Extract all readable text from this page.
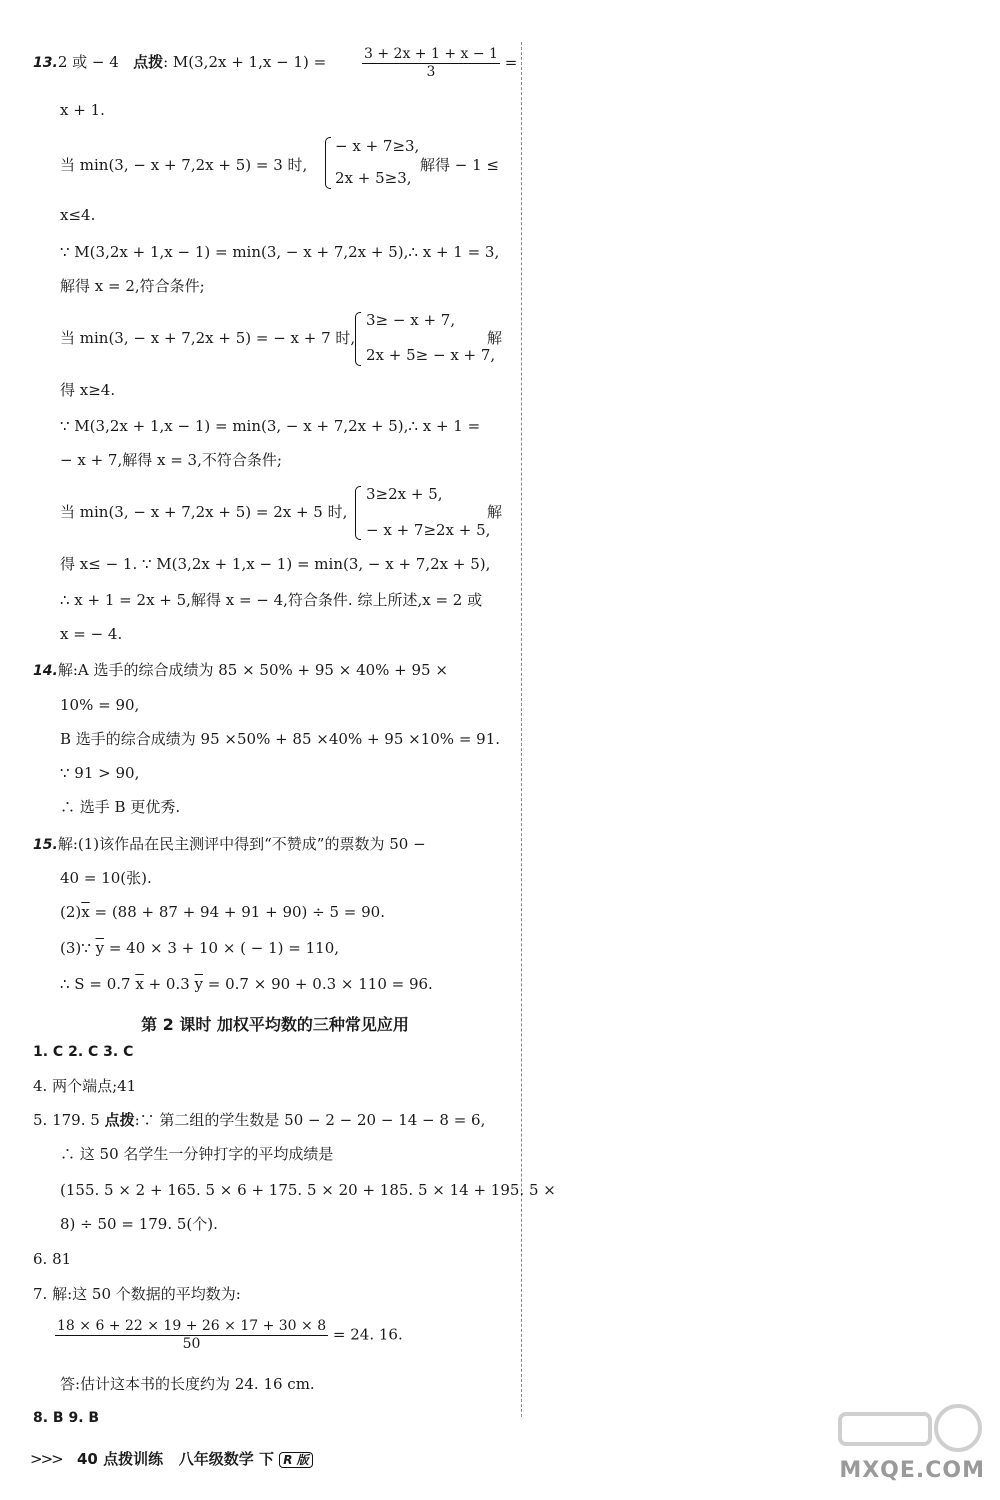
13.2 或 − 4 点拨: M(3,2x + 1,x − 1) =	$\frac{3 + 2x + 1 + x - 1}{3}$ =
x + 1.
当 min(3, − x + 7,2x + 5) = 3 时,
− x + 7≥3,
2x + 5≥3,
解得 − 1 ≤
x≤4.
∵ M(3,2x + 1,x − 1) = min(3, − x + 7,2x + 5),∴ x + 1 = 3,
解得 x = 2,符合条件;
当 min(3, − x + 7,2x + 5) = − x + 7 时,
3≥ − x + 7,
2x + 5≥ − x + 7,
解
得 x≥4.
∵ M(3,2x + 1,x − 1) = min(3, − x + 7,2x + 5),∴ x + 1 =
− x + 7,解得 x = 3,不符合条件;
当 min(3, − x + 7,2x + 5) = 2x + 5 时,
3≥2x + 5,
− x + 7≥2x + 5,
解
得 x≤ − 1. ∵ M(3,2x + 1,x − 1) = min(3, − x + 7,2x + 5),
∴ x + 1 = 2x + 5,解得 x = − 4,符合条件. 综上所述,x = 2 或
x = − 4.
14.解:A 选手的综合成绩为 85 × 50% + 95 × 40% + 95 ×
10% = 90,
B 选手的综合成绩为 95 ×50% + 85 ×40% + 95 ×10% = 91.
∵ 91 > 90,
∴ 选手 B 更优秀.
15.解:(1)该作品在民主测评中得到“不赞成”的票数为 50 −
40 = 10(张).
$(2)\overline{x} = (88 + 87 + 94 + 91 + 90) \div 5 = 90$.
(3)∵ $\overline{y} = 40 \times 3 + 10$ × ( − 1) = 110,
∴ S = 0.7 $\overline{x} + 0.3$ $\overline{y} = 0.7 \times 90 + 0.3 \times 110 = 96$.
第 2 课时 加权平均数的三种常见应用
1. C 2. C 3. C
4. 两个端点;41
5. 179. 5 点拨:∵ 第二组的学生数是 50 − 2 − 20 − 14 − 8 = 6,
∴ 这 50 名学生一分钟打字的平均成绩是
(155. 5 × 2 + 165. 5 × 6 + 175. 5 × 20 + 185. 5 × 14 + 195. 5 ×
8) ÷ 50 = 179. 5(个).
6. 81
7. 解:这 50 个数据的平均数为:
$\frac{18 \times 6 + 22 \times 19 + 26 \times 17 + 30 \times 8}{50} = 24$. 16.
答:估计这本书的长度约为 24. 16 cm.
8. B 9. B
>>> 40 点拨训练 八年级数学 下 R 版	MXQE.COM
